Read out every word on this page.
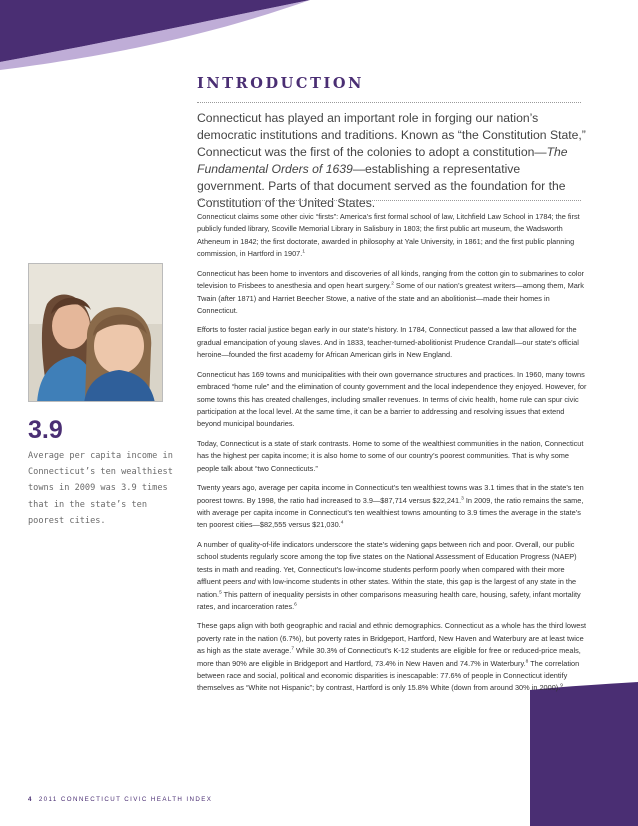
INTRODUCTION

Connecticut has played an important role in forging our nation’s democratic institutions and traditions. Known as “the Constitution State,” Connecticut was the first of the colonies to adopt a constitution—The Fundamental Orders of 1639—establishing a representative government. Parts of that document served as the foundation for the Constitution of the United States.

Connecticut claims some other civic “firsts”: America’s first formal school of law, Litchfield Law School in 1784; the first publicly funded library, Scoville Memorial Library in Salisbury in 1803; the first public art museum, the Wadsworth Atheneum in 1842; the first doctorate, awarded in philosophy at Yale University, in 1861; and the first public planning commission, in Hartford in 1907.$^1$

Connecticut has been home to inventors and discoveries of all kinds, ranging from the cotton gin to submarines to color television to Frisbees to anesthesia and open heart surgery.$^2$ Some of our nation’s greatest writers—among them, Mark Twain (after 1871) and Harriet Beecher Stowe, a native of the state and an abolitionist—made their homes in Connecticut.

Efforts to foster racial justice began early in our state’s history. In 1784, Connecticut passed a law that allowed for the gradual emancipation of young slaves. And in 1833, teacher-turned-abolitionist Prudence Crandall—our state’s official heroine—founded the first academy for African American girls in New England.

Connecticut has 169 towns and municipalities with their own governance structures and practices. In 1960, many towns embraced “home rule” and the elimination of county government and the local independence they enjoyed. However, for some towns this has created challenges, including smaller revenues. In terms of civic health, home rule can spur civic participation at the local level. At the same time, it can be a barrier to addressing and resolving issues that extend beyond municipal boundaries.

Today, Connecticut is a state of stark contrasts. Home to some of the wealthiest communities in the nation, Connecticut has the highest per capita income; it is also home to some of our country’s poorest communities. That is why some people talk about “two Connecticuts.”

Twenty years ago, average per capita income in Connecticut’s ten wealthiest towns was 3.1 times that in the state’s ten poorest towns. By 1998, the ratio had increased to 3.9—$87,714 versus $22,241.$^3$ In 2009, the ratio remains the same, with average per capita income in Connecticut’s ten wealthiest towns amounting to 3.9 times the average in the state’s ten poorest cities—$82,555 versus $21,030.$^4$

A number of quality-of-life indicators underscore the state’s widening gaps between rich and poor. Overall, our public school students regularly score among the top five states on the National Assessment of Education Progress (NAEP) tests in math and reading. Yet, Connecticut’s low-income students perform poorly when compared with their more affluent peers and with low-income students in other states. Within the state, this gap is the largest of any state in the nation.$^5$ This pattern of inequality persists in other comparisons measuring health care, housing, safety, infant mortality rates, and incarceration rates.$^6$

These gaps align with both geographic and racial and ethnic demographics. Connecticut as a whole has the third lowest poverty rate in the nation (6.7%), but poverty rates in Bridgeport, Hartford, New Haven and Waterbury are at least twice as high as the state average.$^7$ While 30.3% of Connecticut’s K-12 students are eligible for free or reduced-price meals, more than 90% are eligible in Bridgeport and Hartford, 73.4% in New Haven and 74.7% in Waterbury.$^8$ The correlation between race and social, political and economic disparities is inescapable: 77.6% of people in Connecticut identify themselves as “White not Hispanic”; by contrast, Hartford is only 15.8% White (down from around 30% in 2000).$^9$

3.9

Average per capita income in Connecticut’s ten wealthiest towns in 2009 was 3.9 times that in the state’s ten poorest cities.

4 2011 CONNECTICUT CIVIC HEALTH INDEX
